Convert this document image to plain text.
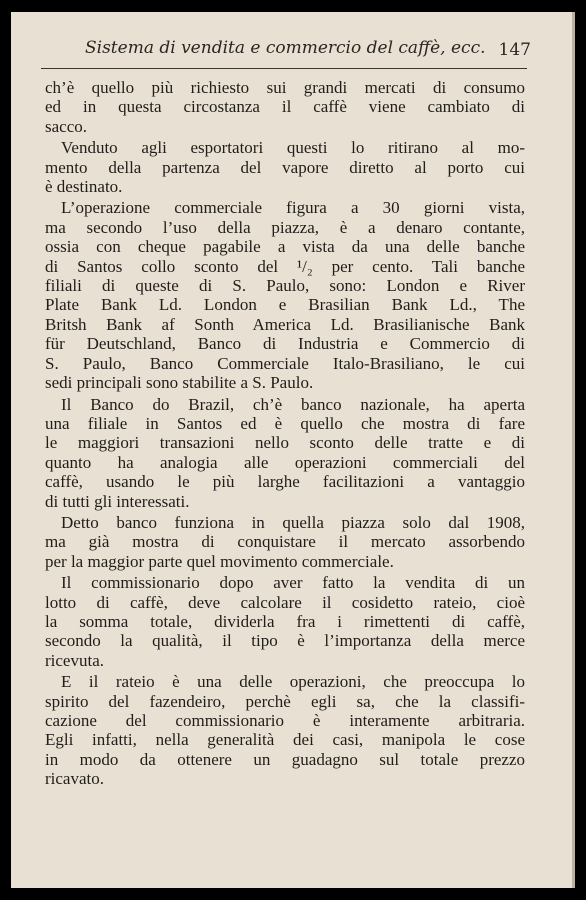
Sistema di vendita e commercio del caffè, ecc. 147
ch’è quello più richiesto sui grandi mercati di consumo
ed in questa circostanza il caffè viene cambiato di
sacco.
Venduto agli esportatori questi lo ritirano al mo-
mento della partenza del vapore diretto al porto cui
è destinato.
L’operazione commerciale figura a 30 giorni vista,
ma secondo l’uso della piazza, è a denaro contante,
ossia con cheque pagabile a vista da una delle banche
di Santos collo sconto del ¹/₂ per cento. Tali banche
filiali di queste di S. Paulo, sono: London e River
Plate Bank Ld. London e Brasilian Bank Ld., The
Britsh Bank af Sonth America Ld. Brasilianische Bank
für Deutschland, Banco di Industria e Commercio di
S. Paulo, Banco Commerciale Italo-Brasiliano, le cui
sedi principali sono stabilite a S. Paulo.
Il Banco do Brazil, ch’è banco nazionale, ha aperta
una filiale in Santos ed è quello che mostra di fare
le maggiori transazioni nello sconto delle tratte e di
quanto ha analogia alle operazioni commerciali del
caffè, usando le più larghe facilitazioni a vantaggio
di tutti gli interessati.
Detto banco funziona in quella piazza solo dal 1908,
ma già mostra di conquistare il mercato assorbendo
per la maggior parte quel movimento commerciale.
Il commissionario dopo aver fatto la vendita di un
lotto di caffè, deve calcolare il cosidetto rateio, cioè
la somma totale, dividerla fra i rimettenti di caffè,
secondo la qualità, il tipo è l’importanza della merce
ricevuta.
E il rateio è una delle operazioni, che preoccupa lo
spirito del fazendeiro, perchè egli sa, che la classifi-
cazione del commissionario è interamente arbitraria.
Egli infatti, nella generalità dei casi, manipola le cose
in modo da ottenere un guadagno sul totale prezzo
ricavato.
